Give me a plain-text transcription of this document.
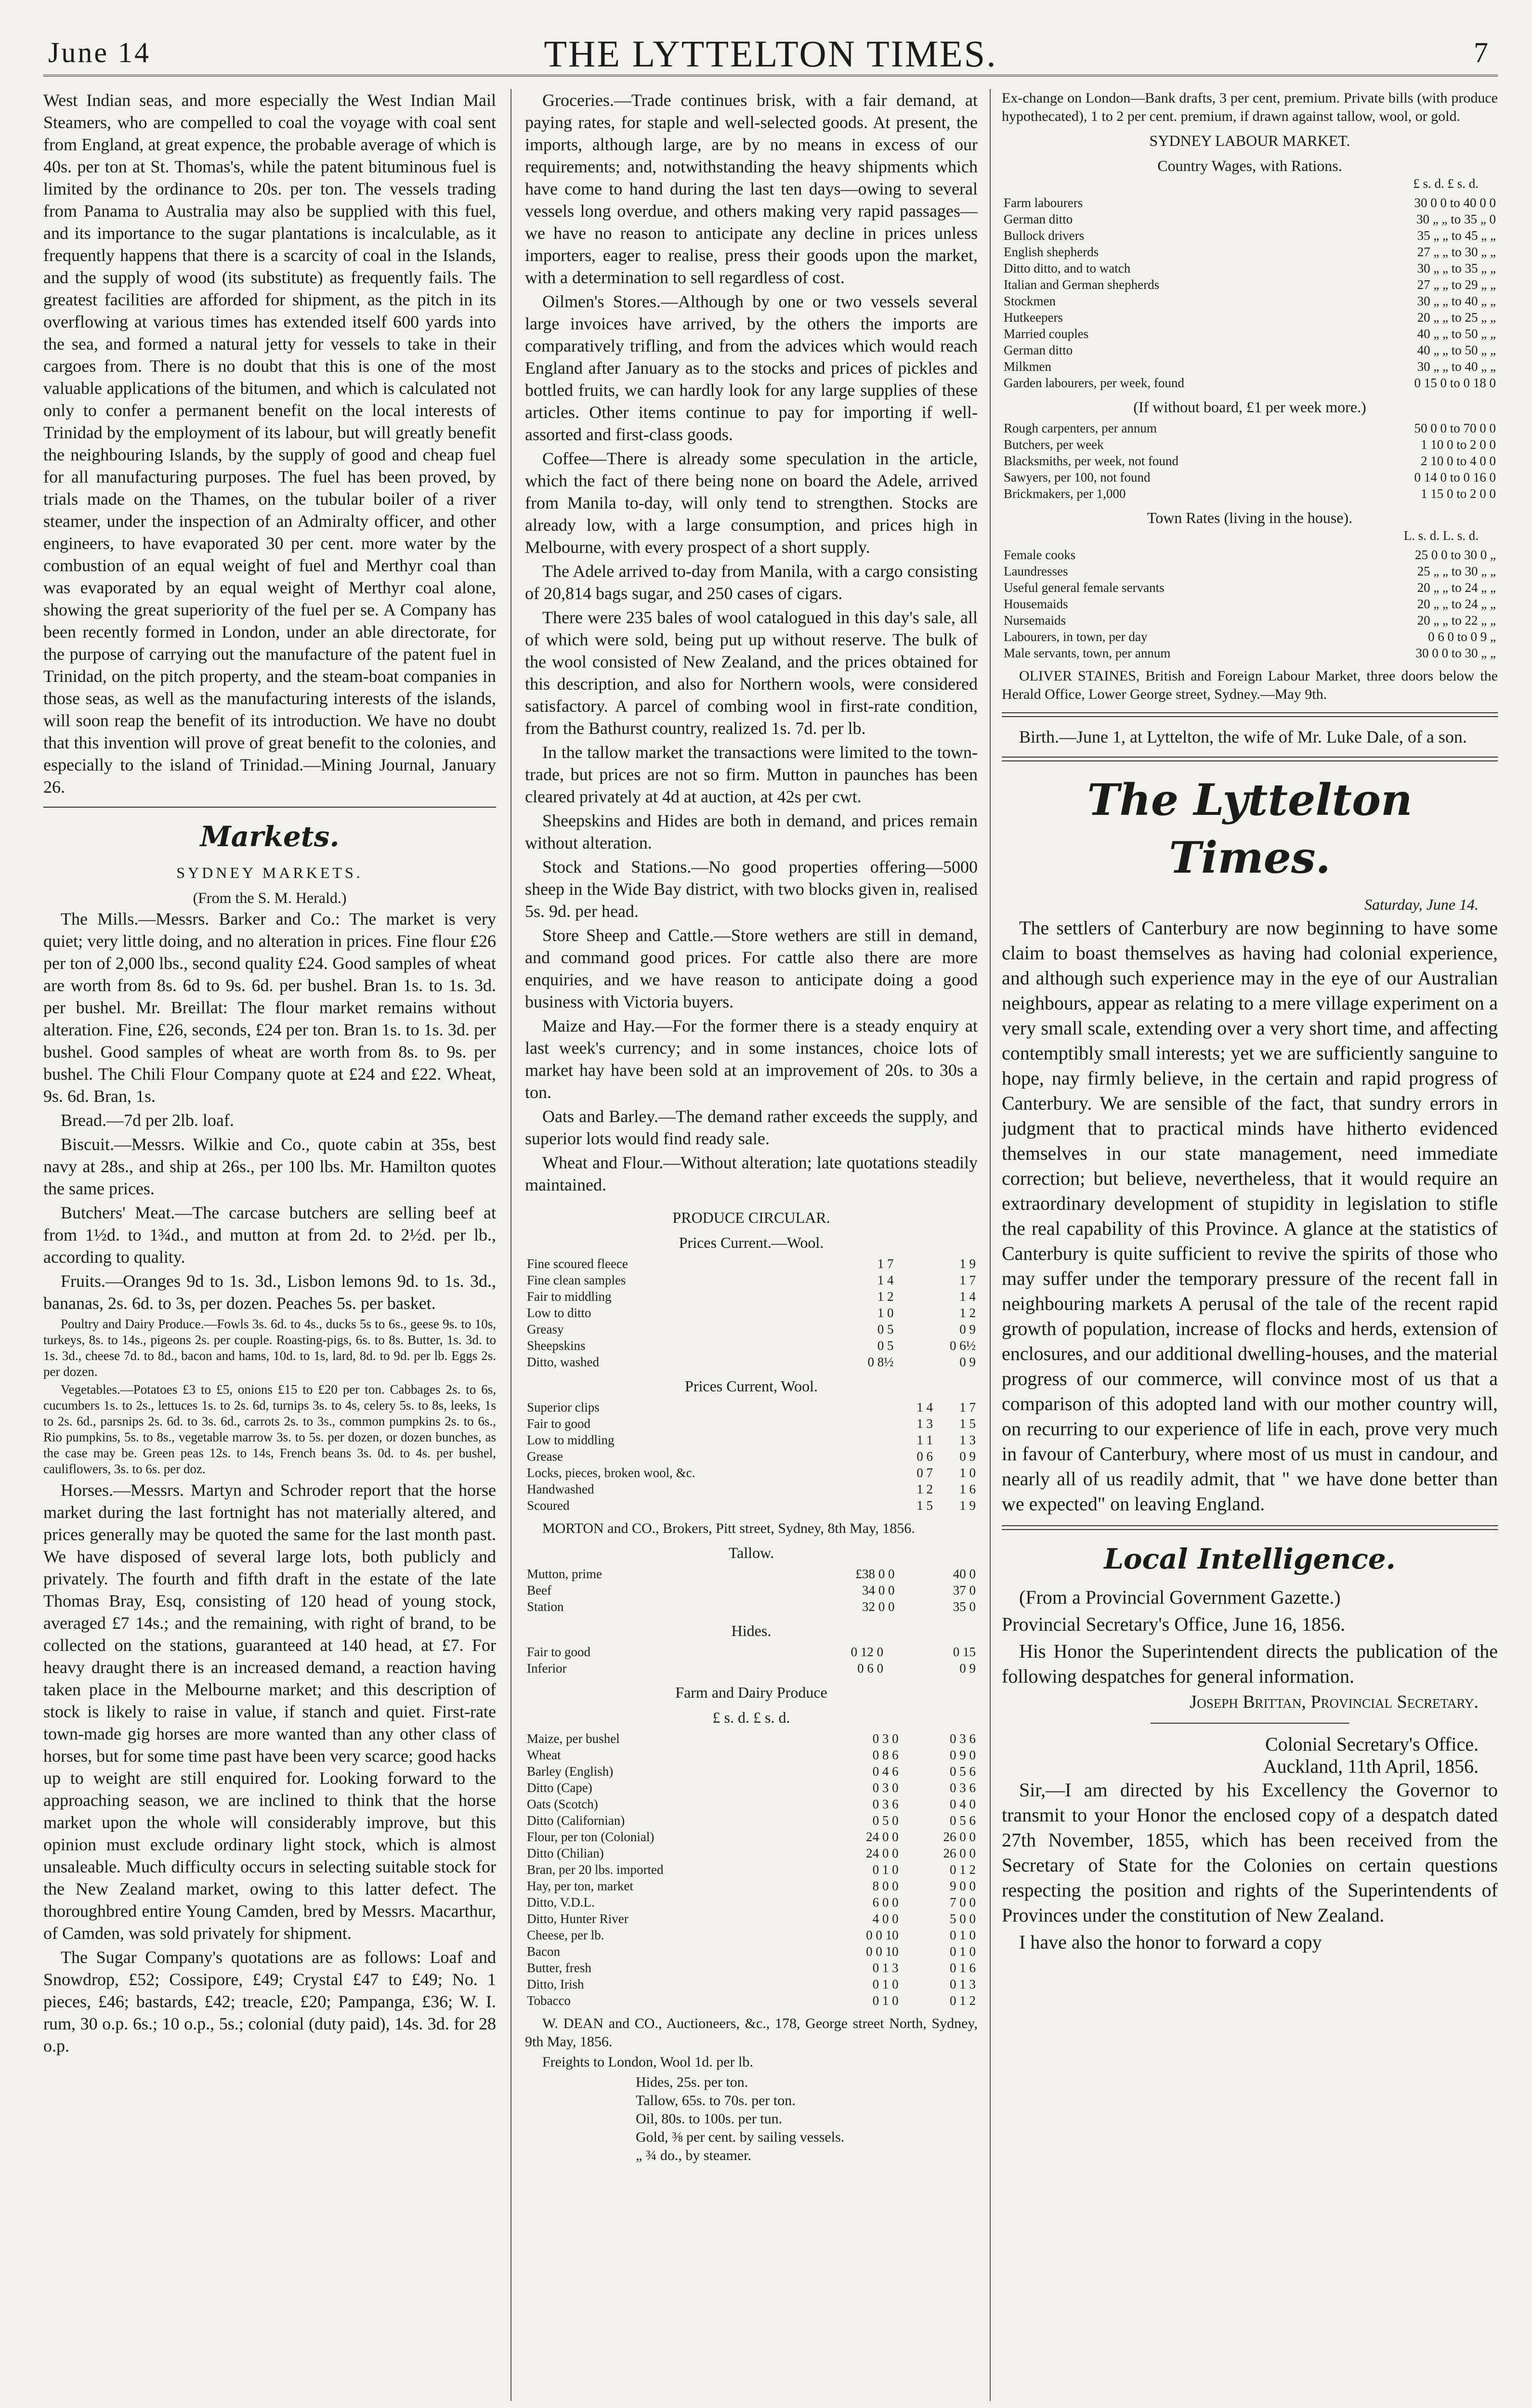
June 14	THE LYTTELTON TIMES.	7

West Indian seas, and more especially the West Indian Mail Steamers, who are compelled to coal the voyage with coal sent from England, at great expence, the probable average of which is 40s. per ton at St. Thomas's, while the patent bituminous fuel is limited by the ordinance to 20s. per ton. The vessels trading from Panama to Australia may also be supplied with this fuel, and its importance to the sugar plantations is incalculable, as it frequently happens that there is a scarcity of coal in the Islands, and the supply of wood (its substitute) as frequently fails. The greatest facilities are afforded for shipment, as the pitch in its overflowing at various times has extended itself 600 yards into the sea, and formed a natural jetty for vessels to take in their cargoes from. There is no doubt that this is one of the most valuable applications of the bitumen, and which is calculated not only to confer a permanent benefit on the local interests of Trinidad by the employment of its labour, but will greatly benefit the neighbouring Islands, by the supply of good and cheap fuel for all manufacturing purposes. The fuel has been proved, by trials made on the Thames, on the tubular boiler of a river steamer, under the inspection of an Admiralty officer, and other engineers, to have evaporated 30 per cent. more water by the combustion of an equal weight of fuel and Merthyr coal than was evaporated by an equal weight of Merthyr coal alone, showing the great superiority of the fuel per se. A Company has been recently formed in London, under an able directorate, for the purpose of carrying out the manufacture of the patent fuel in Trinidad, on the pitch property, and the steam-boat companies in those seas, as well as the manufacturing interests of the islands, will soon reap the benefit of its introduction. We have no doubt that this invention will prove of great benefit to the colonies, and especially to the island of Trinidad.—Mining Journal, January 26.

Markets.
SYDNEY MARKETS.
(From the S. M. Herald.)

The Mills.—Messrs. Barker and Co.: The market is very quiet; very little doing, and no alteration in prices. Fine flour £26 per ton of 2,000 lbs., second quality £24. Good samples of wheat are worth from 8s. 6d to 9s. 6d. per bushel. Bran 1s. to 1s. 3d. per bushel. Mr. Breillat: The flour market remains without alteration. Fine, £26, seconds, £24 per ton. Bran 1s. to 1s. 3d. per bushel. Good samples of wheat are worth from 8s. to 9s. per bushel. The Chili Flour Company quote at £24 and £22. Wheat, 9s. 6d. Bran, 1s.

Bread.—7d per 2lb. loaf.

Biscuit.—Messrs. Wilkie and Co., quote cabin at 35s, best navy at 28s., and ship at 26s., per 100 lbs. Mr. Hamilton quotes the same prices.

Butchers' Meat.—The carcase butchers are selling beef at from 1½d. to 1¾d., and mutton at from 2d. to 2½d. per lb., according to quality.

Fruits.—Oranges 9d to 1s. 3d., Lisbon lemons 9d. to 1s. 3d., bananas, 2s. 6d. to 3s, per dozen. Peaches 5s. per basket.

Poultry and Dairy Produce.—Fowls 3s. 6d. to 4s., ducks 5s to 6s., geese 9s. to 10s, turkeys, 8s. to 14s., pigeons 2s. per couple. Roasting-pigs, 6s. to 8s. Butter, 1s. 3d. to 1s. 3d., cheese 7d. to 8d., bacon and hams, 10d. to 1s, lard, 8d. to 9d. per lb. Eggs 2s. per dozen.

Vegetables.—Potatoes £3 to £5, onions £15 to £20 per ton. Cabbages 2s. to 6s, cucumbers 1s. to 2s., lettuces 1s. to 2s. 6d, turnips 3s. to 4s, celery 5s. to 8s, leeks, 1s to 2s. 6d., parsnips 2s. 6d. to 3s. 6d., carrots 2s. to 3s., common pumpkins 2s. to 6s., Rio pumpkins, 5s. to 8s., vegetable marrow 3s. to 5s. per dozen, or dozen bunches, as the case may be. Green peas 12s. to 14s, French beans 3s. 0d. to 4s. per bushel, cauliflowers, 3s. to 6s. per doz.

Horses.—Messrs. Martyn and Schroder report that the horse market during the last fortnight has not materially altered, and prices generally may be quoted the same for the last month past. We have disposed of several large lots, both publicly and privately. The fourth and fifth draft in the estate of the late Thomas Bray, Esq, consisting of 120 head of young stock, averaged £7 14s.; and the remaining, with right of brand, to be collected on the stations, guaranteed at 140 head, at £7. For heavy draught there is an increased demand, a reaction having taken place in the Melbourne market; and this description of stock is likely to raise in value, if stanch and quiet. First-rate town-made gig horses are more wanted than any other class of horses, but for some time past have been very scarce; good hacks up to weight are still enquired for. Looking forward to the approaching season, we are inclined to think that the horse market upon the whole will considerably improve, but this opinion must exclude ordinary light stock, which is almost unsaleable. Much difficulty occurs in selecting suitable stock for the New Zealand market, owing to this latter defect. The thoroughbred entire Young Camden, bred by Messrs. Macarthur, of Camden, was sold privately for shipment.

The Sugar Company's quotations are as follows: Loaf and Snowdrop, £52; Cossipore, £49; Crystal £47 to £49; No. 1 pieces, £46; bastards, £42; treacle, £20; Pampanga, £36; W. I. rum, 30 o.p. 6s.; 10 o.p., 5s.; colonial (duty paid), 14s. 3d. for 28 o.p.

Groceries.—Trade continues brisk, with a fair demand, at paying rates, for staple and well-selected goods. At present, the imports, although large, are by no means in excess of our requirements; and, notwithstanding the heavy shipments which have come to hand during the last ten days—owing to several vessels long overdue, and others making very rapid passages—we have no reason to anticipate any decline in prices unless importers, eager to realise, press their goods upon the market, with a determination to sell regardless of cost.

Oilmen's Stores.—Although by one or two vessels several large invoices have arrived, by the others the imports are comparatively trifling, and from the advices which would reach England after January as to the stocks and prices of pickles and bottled fruits, we can hardly look for any large supplies of these articles. Other items continue to pay for importing if well-assorted and first-class goods.

Coffee—There is already some speculation in the article, which the fact of there being none on board the Adele, arrived from Manila to-day, will only tend to strengthen. Stocks are already low, with a large consumption, and prices high in Melbourne, with every prospect of a short supply.

The Adele arrived to-day from Manila, with a cargo consisting of 20,814 bags sugar, and 250 cases of cigars.

There were 235 bales of wool catalogued in this day's sale, all of which were sold, being put up without reserve. The bulk of the wool consisted of New Zealand, and the prices obtained for this description, and also for Northern wools, were considered satisfactory. A parcel of combing wool in first-rate condition, from the Bathurst country, realized 1s. 7d. per lb.

In the tallow market the transactions were limited to the town-trade, but prices are not so firm. Mutton in paunches has been cleared privately at 4d at auction, at 42s per cwt.

Sheepskins and Hides are both in demand, and prices remain without alteration.

Stock and Stations.—No good properties offering—5000 sheep in the Wide Bay district, with two blocks given in, realised 5s. 9d. per head.

Store Sheep and Cattle.—Store wethers are still in demand, and command good prices. For cattle also there are more enquiries, and we have reason to anticipate doing a good business with Victoria buyers.

Maize and Hay.—For the former there is a steady enquiry at last week's currency; and in some instances, choice lots of market hay have been sold at an improvement of 20s. to 30s a ton.

Oats and Barley.—The demand rather exceeds the supply, and superior lots would find ready sale.

Wheat and Flour.—Without alteration; late quotations steadily maintained.

PRODUCE CIRCULAR.
Prices Current.—Wool.
Fine scoured fleece	1 7	1 9
Fine clean samples	1 4	1 7
Fair to middling	1 2	1 4
Low to ditto	1 0	1 2
Greasy	0 5	0 9
Sheepskins	0 5	0 6½
Ditto, washed	0 8½	0 9
Prices Current, Wool.
Superior clips	1 4	1 7
Fair to good	1 3	1 5
Low to middling	1 1	1 3
Grease	0 6	0 9
Locks, pieces, broken wool, &c.	0 7	1 0
Handwashed	1 2	1 6
Scoured	1 5	1 9

MORTON and CO., Brokers, Pitt street, Sydney, 8th May, 1856.

Tallow.
Mutton, prime	£38 0 0	40 0
Beef	34 0 0	37 0
Station	32 0 0	35 0
Hides.
Fair to good	0 12 0	0 15
Inferior	0 6 0	0 9
Farm and Dairy Produce
£ s. d. £ s. d.
Maize, per bushel	0 3 0	0 3 6
Wheat	0 8 6	0 9 0
Barley (English)	0 4 6	0 5 6
Ditto (Cape)	0 3 0	0 3 6
Oats (Scotch)	0 3 6	0 4 0
Ditto (Californian)	0 5 0	0 5 6
Flour, per ton (Colonial)	24 0 0	26 0 0
Ditto (Chilian)	24 0 0	26 0 0
Bran, per 20 lbs. imported	0 1 0	0 1 2
Hay, per ton, market	8 0 0	9 0 0
Ditto, V.D.L.	6 0 0	7 0 0
Ditto, Hunter River	4 0 0	5 0 0
Cheese, per lb.	0 0 10	0 1 0
Bacon	0 0 10	0 1 0
Butter, fresh	0 1 3	0 1 6
Ditto, Irish	0 1 0	0 1 3
Tobacco	0 1 0	0 1 2

W. DEAN and CO., Auctioneers, &c., 178, George street North, Sydney, 9th May, 1856.

Freights to London, Wool 1d. per lb.

Hides, 25s. per ton.
Tallow, 65s. to 70s. per ton.
Oil, 80s. to 100s. per tun.
Gold, ⅜ per cent. by sailing vessels.
„ ¾ do., by steamer.

Ex-change on London—Bank drafts, 3 per cent, premium. Private bills (with produce hypothecated), 1 to 2 per cent. premium, if drawn against tallow, wool, or gold.

SYDNEY LABOUR MARKET.
Country Wages, with Rations.
£ s. d. £ s. d.
Farm labourers	30 0 0 to 40 0 0
German ditto	30 „ „ to 35 „ 0
Bullock drivers	35 „ „ to 45 „ „
English shepherds	27 „ „ to 30 „ „
Ditto ditto, and to watch	30 „ „ to 35 „ „
Italian and German shepherds	27 „ „ to 29 „ „
Stockmen	30 „ „ to 40 „ „
Hutkeepers	20 „ „ to 25 „ „
Married couples	40 „ „ to 50 „ „
German ditto	40 „ „ to 50 „ „
Milkmen	30 „ „ to 40 „ „
Garden labourers, per week, found	0 15 0 to 0 18 0
(If without board, £1 per week more.)
Rough carpenters, per annum	50 0 0 to 70 0 0
Butchers, per week	1 10 0 to 2 0 0
Blacksmiths, per week, not found	2 10 0 to 4 0 0
Sawyers, per 100, not found	0 14 0 to 0 16 0
Brickmakers, per 1,000	1 15 0 to 2 0 0
Town Rates (living in the house).
L. s. d. L. s. d.
Female cooks	25 0 0 to 30 0 „
Laundresses	25 „ „ to 30 „ „
Useful general female servants	20 „ „ to 24 „ „
Housemaids	20 „ „ to 24 „ „
Nursemaids	20 „ „ to 22 „ „
Labourers, in town, per day	0 6 0 to 0 9 „
Male servants, town, per annum	30 0 0 to 30 „ „

OLIVER STAINES, British and Foreign Labour Market, three doors below the Herald Office, Lower George street, Sydney.—May 9th.

Birth.—June 1, at Lyttelton, the wife of Mr. Luke Dale, of a son.

The Lyttelton Times.
Saturday, June 14.

The settlers of Canterbury are now beginning to have some claim to boast themselves as having had colonial experience, and although such experience may in the eye of our Australian neighbours, appear as relating to a mere village experiment on a very small scale, extending over a very short time, and affecting contemptibly small interests; yet we are sufficiently sanguine to hope, nay firmly believe, in the certain and rapid progress of Canterbury. We are sensible of the fact, that sundry errors in judgment that to practical minds have hitherto evidenced themselves in our state management, need immediate correction; but believe, nevertheless, that it would require an extraordinary development of stupidity in legislation to stifle the real capability of this Province. A glance at the statistics of Canterbury is quite sufficient to revive the spirits of those who may suffer under the temporary pressure of the recent fall in neighbouring markets A perusal of the tale of the recent rapid growth of population, increase of flocks and herds, extension of enclosures, and our additional dwelling-houses, and the material progress of our commerce, will convince most of us that a comparison of this adopted land with our mother country will, on recurring to our experience of life in each, prove very much in favour of Canterbury, where most of us must in candour, and nearly all of us readily admit, that " we have done better than we expected" on leaving England.

Local Intelligence.

(From a Provincial Government Gazette.)

Provincial Secretary's Office, June 16, 1856.

His Honor the Superintendent directs the publication of the following despatches for general information.

Joseph Brittan, Provincial Secretary.
Colonial Secretary's Office.
Auckland, 11th April, 1856.

Sir,—I am directed by his Excellency the Governor to transmit to your Honor the enclosed copy of a despatch dated 27th November, 1855, which has been received from the Secretary of State for the Colonies on certain questions respecting the position and rights of the Superintendents of Provinces under the constitution of New Zealand.

I have also the honor to forward a copy
